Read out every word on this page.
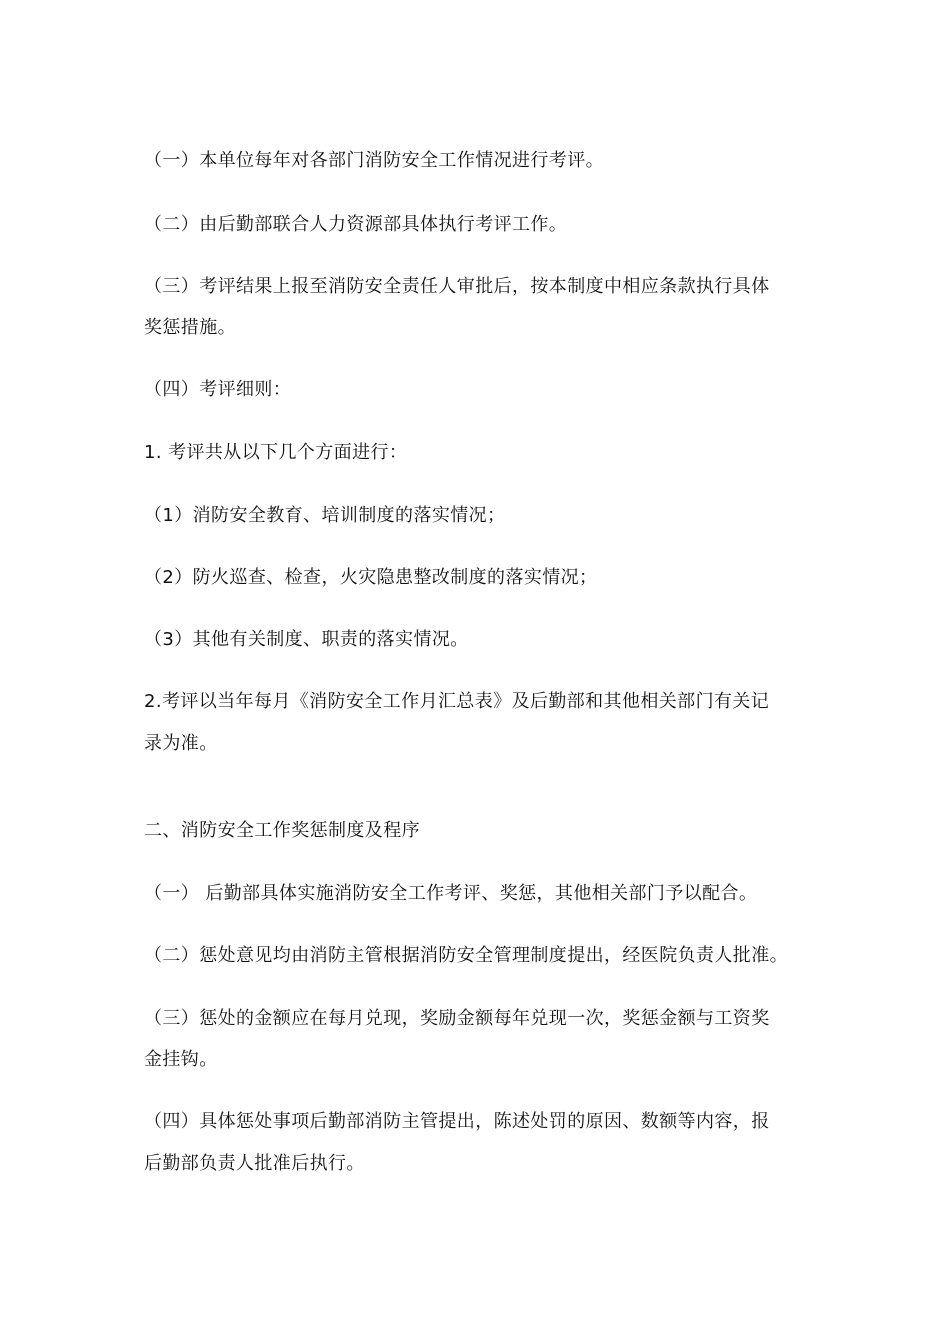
（一）本单位每年对各部门消防安全工作情况进行考评。
（二）由后勤部联合人力资源部具体执行考评工作。
（三）考评结果上报至消防安全责任人审批后，按本制度中相应条款执行具体
奖惩措施。
（四）考评细则：
1. 考评共从以下几个方面进行：
（1）消防安全教育、培训制度的落实情况；
（2）防火巡查、检查，火灾隐患整改制度的落实情况；
（3）其他有关制度、职责的落实情况。
2.考评以当年每月《消防安全工作月汇总表》及后勤部和其他相关部门有关记
录为准。
二、消防安全工作奖惩制度及程序
（一） 后勤部具体实施消防安全工作考评、奖惩，其他相关部门予以配合。
（二）惩处意见均由消防主管根据消防安全管理制度提出，经医院负责人批准。
（三）惩处的金额应在每月兑现，奖励金额每年兑现一次，奖惩金额与工资奖
金挂钩。
（四）具体惩处事项后勤部消防主管提出，陈述处罚的原因、数额等内容，报
后勤部负责人批准后执行。
